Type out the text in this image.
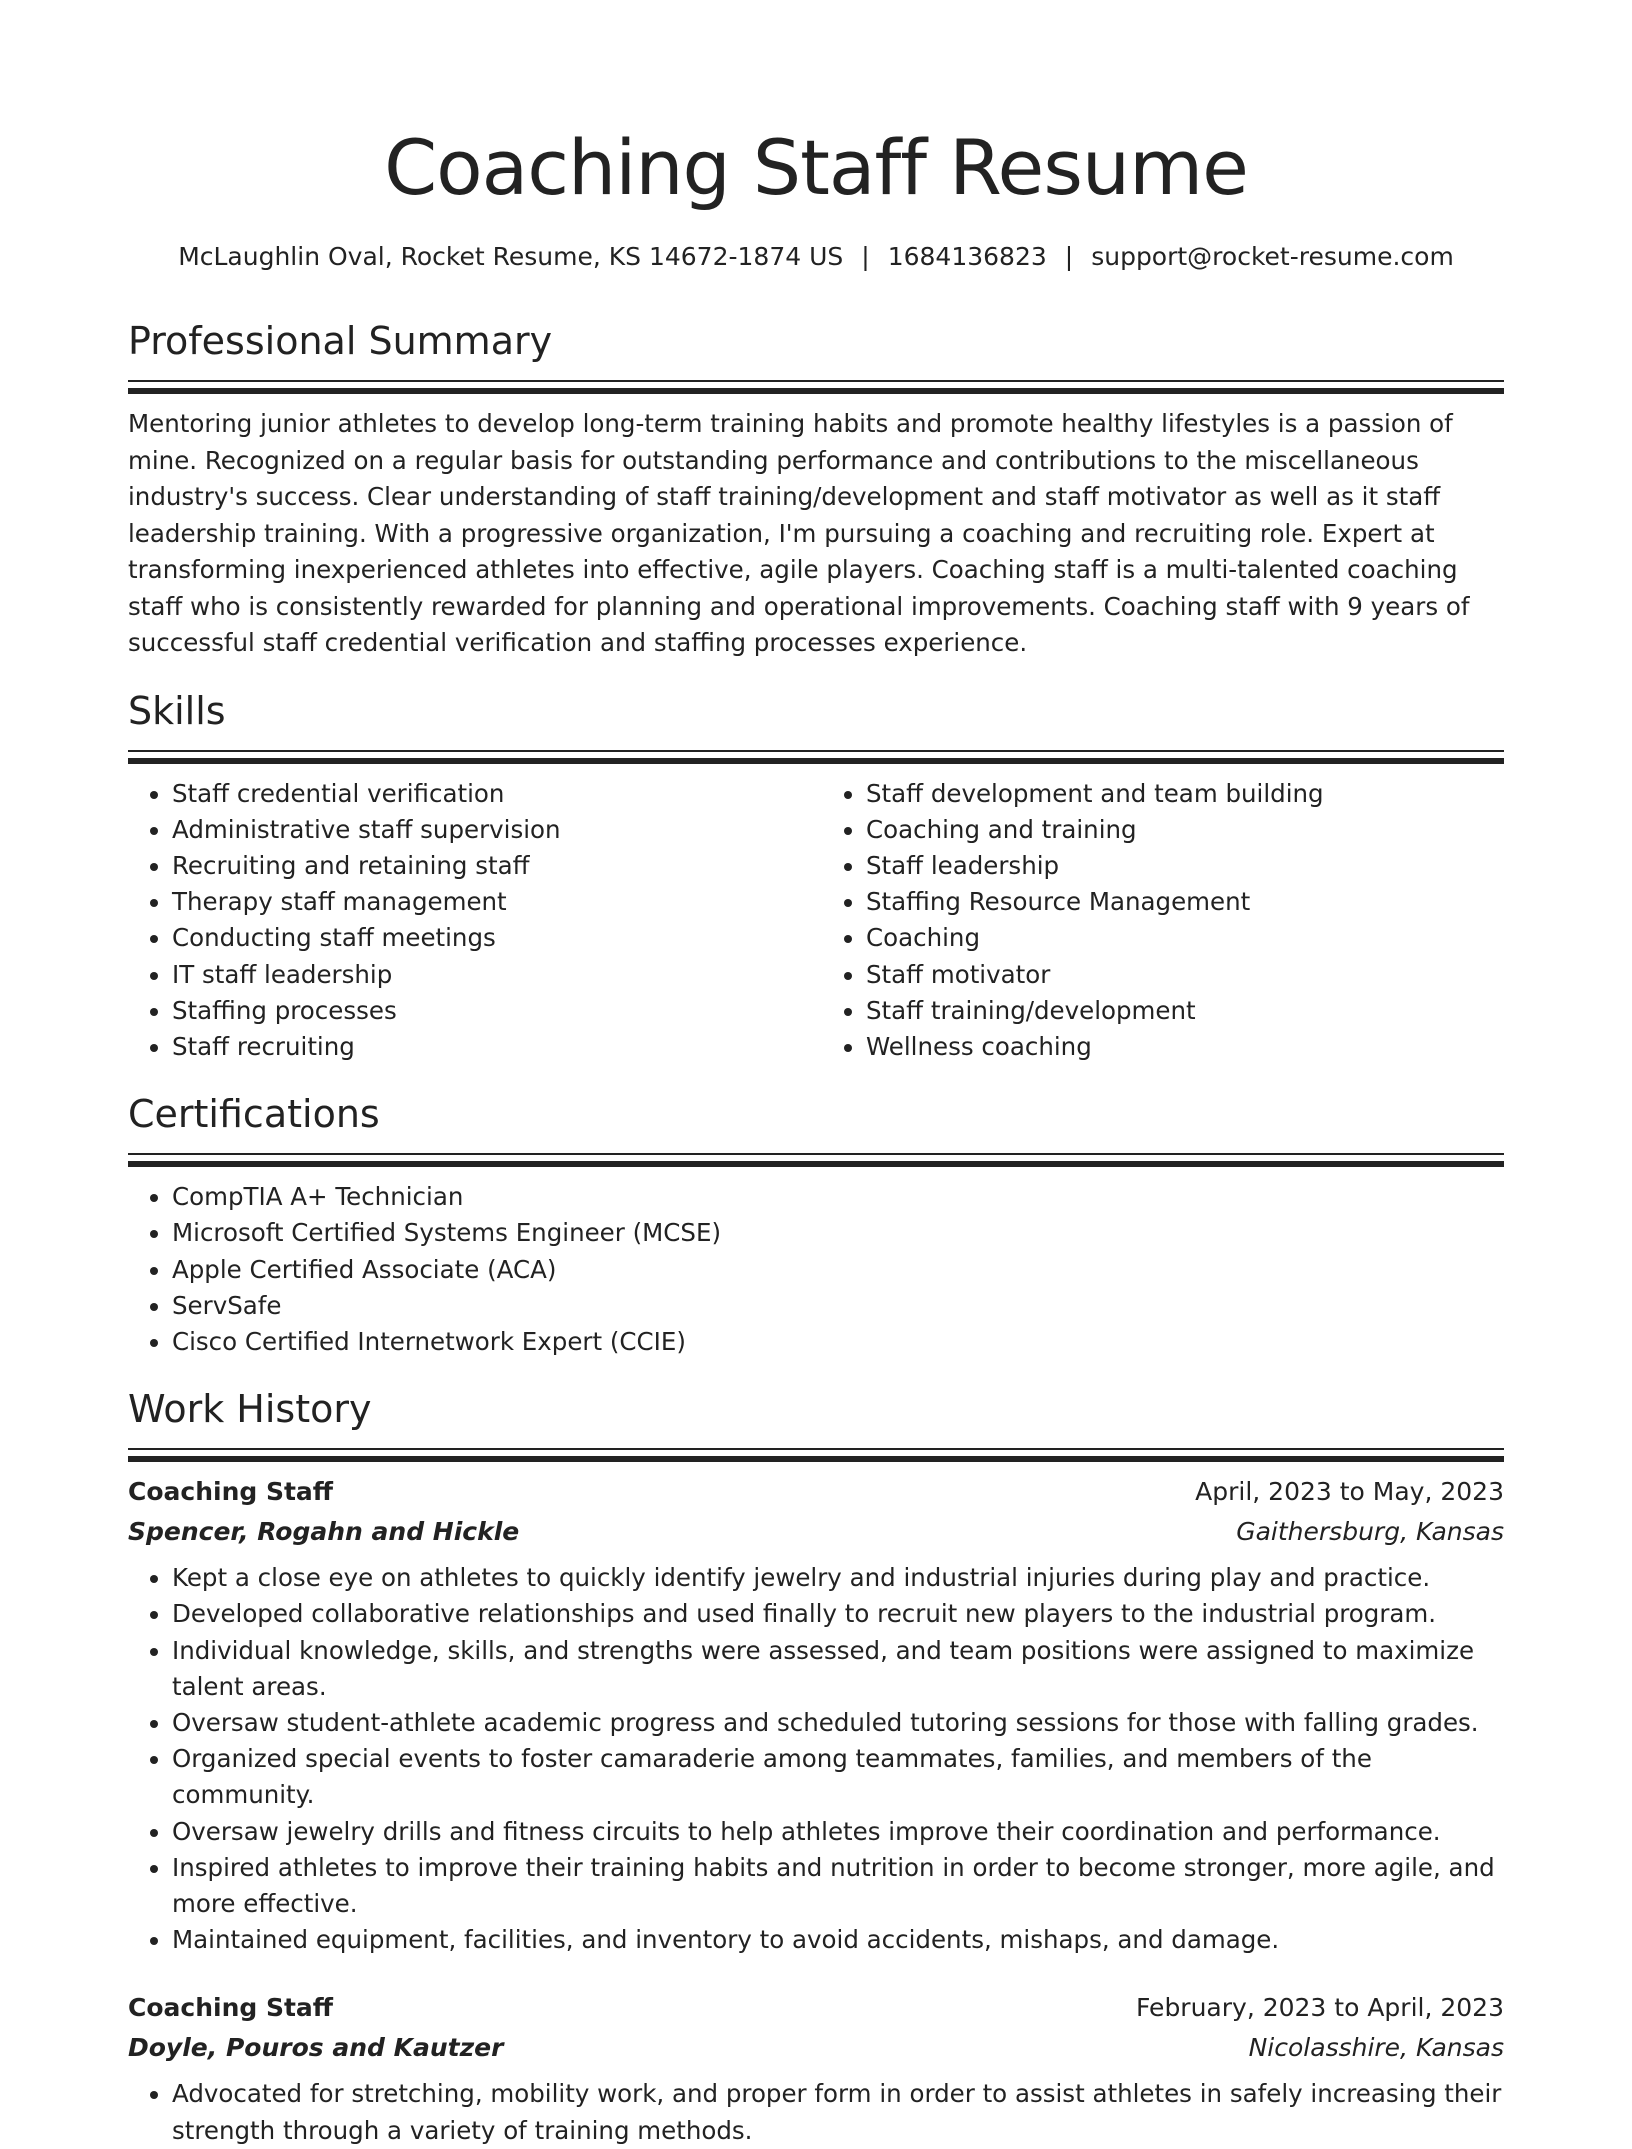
Coaching Staff Resume
McLaughlin Oval, Rocket Resume, KS 14672-1874 US | 1684136823 | support@rocket-resume.com
Professional Summary
Mentoring junior athletes to develop long-term training habits and promote healthy lifestyles is a passion of mine. Recognized on a regular basis for outstanding performance and contributions to the miscellaneous industry's success. Clear understanding of staff training/development and staff motivator as well as it staff leadership training. With a progressive organization, I'm pursuing a coaching and recruiting role. Expert at transforming inexperienced athletes into effective, agile players. Coaching staff is a multi-talented coaching staff who is consistently rewarded for planning and operational improvements. Coaching staff with 9 years of successful staff credential verification and staffing processes experience.
Skills
• Staff credential verification
• Administrative staff supervision
• Recruiting and retaining staff
• Therapy staff management
• Conducting staff meetings
• IT staff leadership
• Staffing processes
• Staff recruiting
• Staff development and team building
• Coaching and training
• Staff leadership
• Staffing Resource Management
• Coaching
• Staff motivator
• Staff training/development
• Wellness coaching
Certifications
• CompTIA A+ Technician
• Microsoft Certified Systems Engineer (MCSE)
• Apple Certified Associate (ACA)
• ServSafe
• Cisco Certified Internetwork Expert (CCIE)
Work History
Coaching Staff	April, 2023 to May, 2023
Spencer, Rogahn and Hickle	Gaithersburg, Kansas
• Kept a close eye on athletes to quickly identify jewelry and industrial injuries during play and practice.
• Developed collaborative relationships and used finally to recruit new players to the industrial program.
• Individual knowledge, skills, and strengths were assessed, and team positions were assigned to maximize talent areas.
• Oversaw student-athlete academic progress and scheduled tutoring sessions for those with falling grades.
• Organized special events to foster camaraderie among teammates, families, and members of the community.
• Oversaw jewelry drills and fitness circuits to help athletes improve their coordination and performance.
• Inspired athletes to improve their training habits and nutrition in order to become stronger, more agile, and more effective.
• Maintained equipment, facilities, and inventory to avoid accidents, mishaps, and damage.
Coaching Staff	February, 2023 to April, 2023
Doyle, Pouros and Kautzer	Nicolasshire, Kansas
• Advocated for stretching, mobility work, and proper form in order to assist athletes in safely increasing their strength through a variety of training methods.
